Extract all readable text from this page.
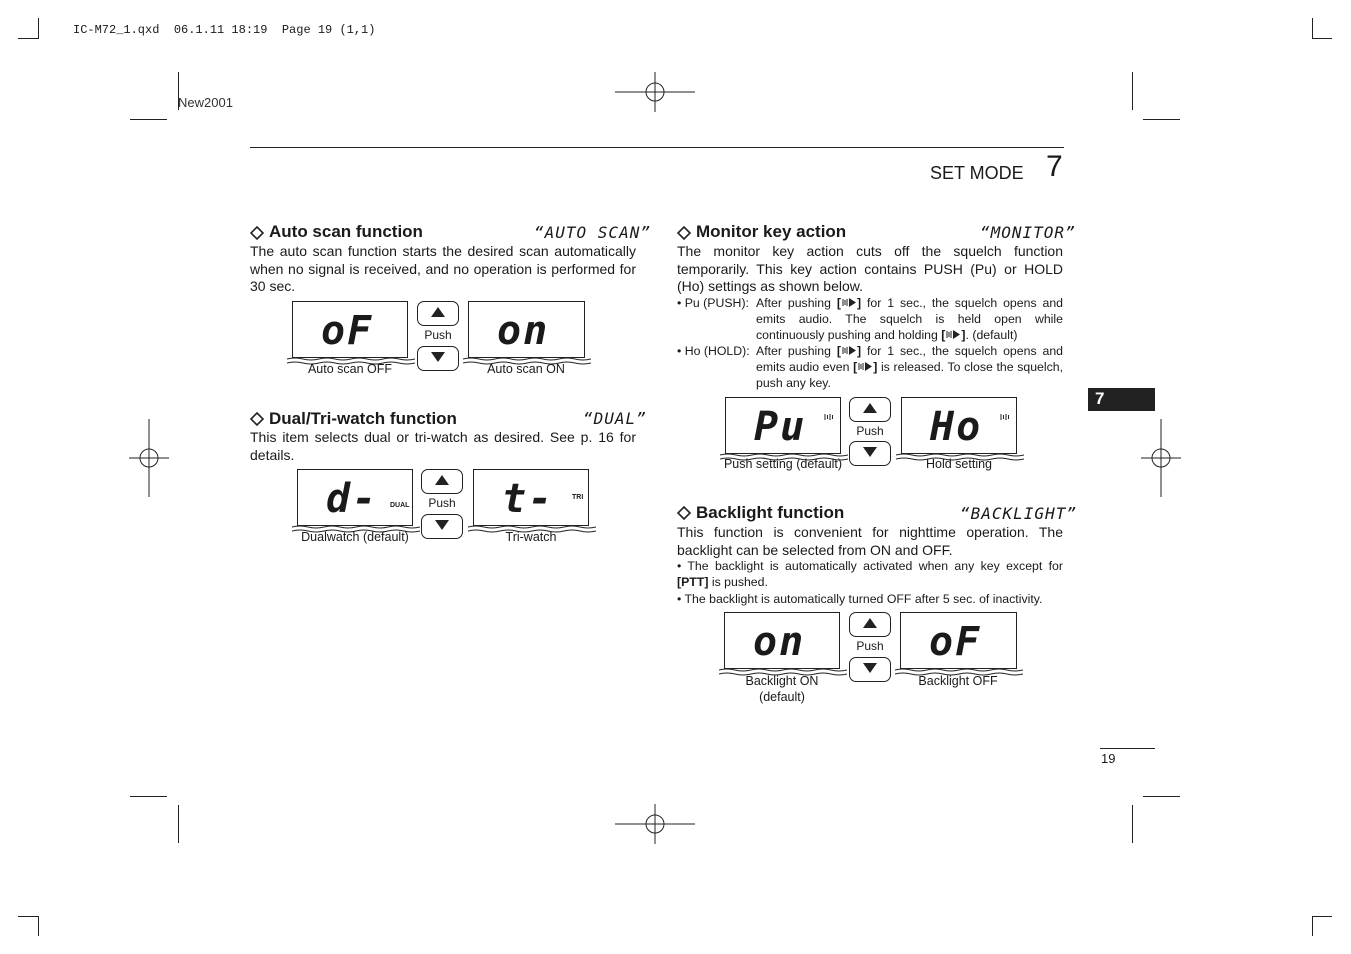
IC-M72_1.qxd  06.1.11 18:19  Page 19 (1,1)
New2001
SET MODE 7
7
19
Auto scan function	“AUTO SCAN”
The auto scan function starts the desired scan automatically when no signal is received, and no operation is performed for 30 sec.
oF	Push on
Auto scan OFF	Auto scan ON
Dual/Tri-watch function	“DUAL”
This item selects dual or tri-watch as desired. See p. 16 for details.
d- DUAL	Push t-	TRI
Dualwatch (default)	Tri-watch
Monitor key action	“MONITOR”
The monitor key action cuts off the squelch function temporarily. This key action contains PUSH (Pu) or HOLD (Ho) settings as shown below.
• Pu (PUSH): After pushing [ ] for 1 sec., the squelch opens and emits audio. The squelch is held open while continuously pushing and holding [ ]. (default)
• Ho (HOLD): After pushing [ ] for 1 sec., the squelch opens and emits audio even [ ] is released. To close the squelch, push any key.
Pu	Push Ho
Push setting (default)	Hold setting
Backlight function	“BACKLIGHT”
This function is convenient for nighttime operation. The backlight can be selected from ON and OFF.
• The backlight is automatically activated when any key except for [PTT] is pushed.
• The backlight is automatically turned OFF after 5 sec. of inactivity.
on	Push oF
Backlight ON
(default)
Backlight OFF
